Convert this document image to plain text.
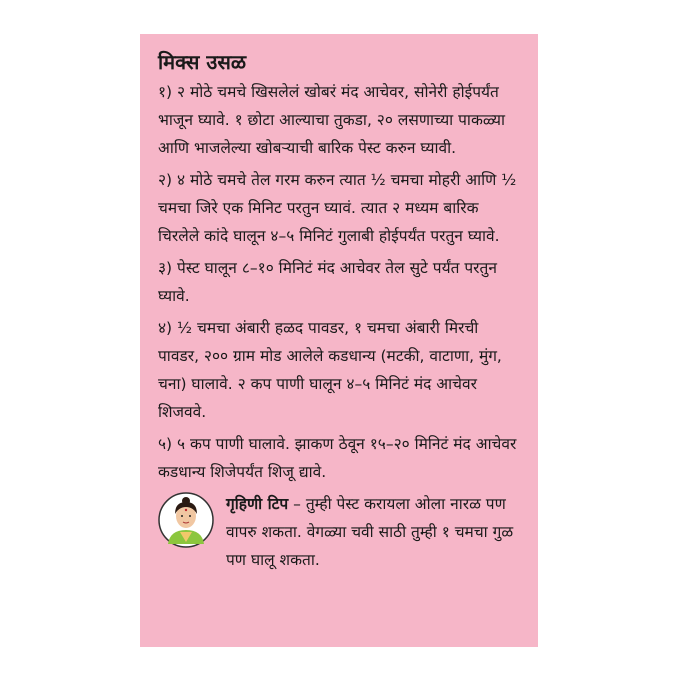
मिक्स उसळ

१) २ मोठे चमचे खिसलेलं खोबरं मंद आचेवर, सोनेरी होईपर्यंत भाजून घ्यावे. १ छोटा आल्याचा तुकडा, २० लसणाच्या पाकळ्या आणि भाजलेल्या खोबऱ्याची बारिक पेस्ट करुन घ्यावी.

२) ४ मोठे चमचे तेल गरम करुन त्यात ½ चमचा मोहरी आणि ½ चमचा जिरे एक मिनिट परतुन घ्यावं. त्यात २ मध्यम बारिक चिरलेले कांदे घालून ४–५ मिनिटं गुलाबी होईपर्यंत परतुन घ्यावे.

३) पेस्ट घालून ८–१० मिनिटं मंद आचेवर तेल सुटे पर्यंत परतुन घ्यावे.

४) ½ चमचा अंबारी हळद पावडर, १ चमचा अंबारी मिरची पावडर, २०० ग्राम मोड आलेले कडधान्य (मटकी, वाटाणा, मुंग, चना) घालावे. २ कप पाणी घालून ४–५ मिनिटं मंद आचेवर शिजववे.

५) ५ कप पाणी घालावे. झाकण ठेवून १५–२० मिनिटं मंद आचेवर कडधान्य शिजेपर्यंत शिजू द्यावे.

गृहिणी टिप – तुम्ही पेस्ट करायला ओला नारळ पण वापरु शकता. वेगळ्या चवी साठी तुम्ही १ चमचा गुळ पण घालू शकता.
